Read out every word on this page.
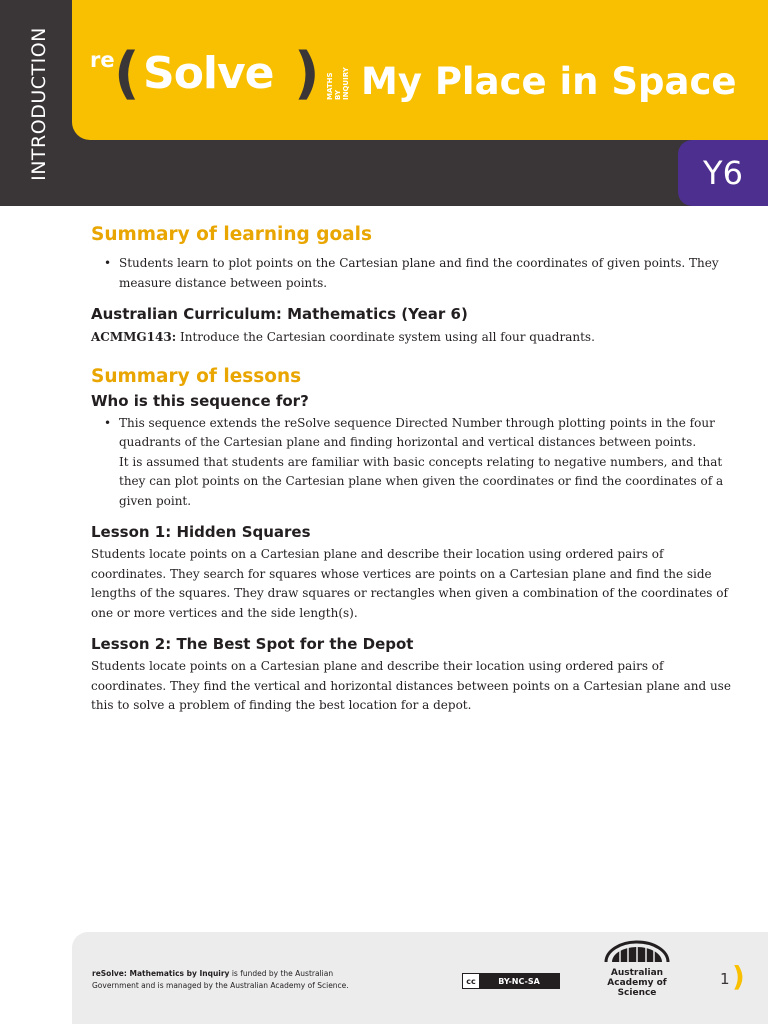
INTRODUCTION re ( Solve ) MATHS BY INQUIRY My Place in Space
Y6
Summary of learning goals
• Students learn to plot points on the Cartesian plane and find the coordinates of given points. They measure distance between points.
Australian Curriculum: Mathematics (Year 6)

ACMMG143: Introduce the Cartesian coordinate system using all four quadrants.

Summary of lessons
Who is this sequence for?
• This sequence extends the reSolve sequence Directed Number through plotting points in the four quadrants of the Cartesian plane and finding horizontal and vertical distances between points.
It is assumed that students are familiar with basic concepts relating to negative numbers, and that they can plot points on the Cartesian plane when given the coordinates or find the coordinates of a given point.
Lesson 1: Hidden Squares

Students locate points on a Cartesian plane and describe their location using ordered pairs of coordinates. They search for squares whose vertices are points on a Cartesian plane and find the side lengths of the squares. They draw squares or rectangles when given a combination of the coordinates of one or more vertices and the side length(s).

Lesson 2: The Best Spot for the Depot

Students locate points on a Cartesian plane and describe their location using ordered pairs of coordinates. They find the vertical and horizontal distances between points on a Cartesian plane and use this to solve a problem of finding the best location for a depot.

reSolve: Mathematics by Inquiry is funded by the Australian Government and is managed by the Australian Academy of Science.	cc	BY-NC-SA
Australian
Academy of
Science
1 )
